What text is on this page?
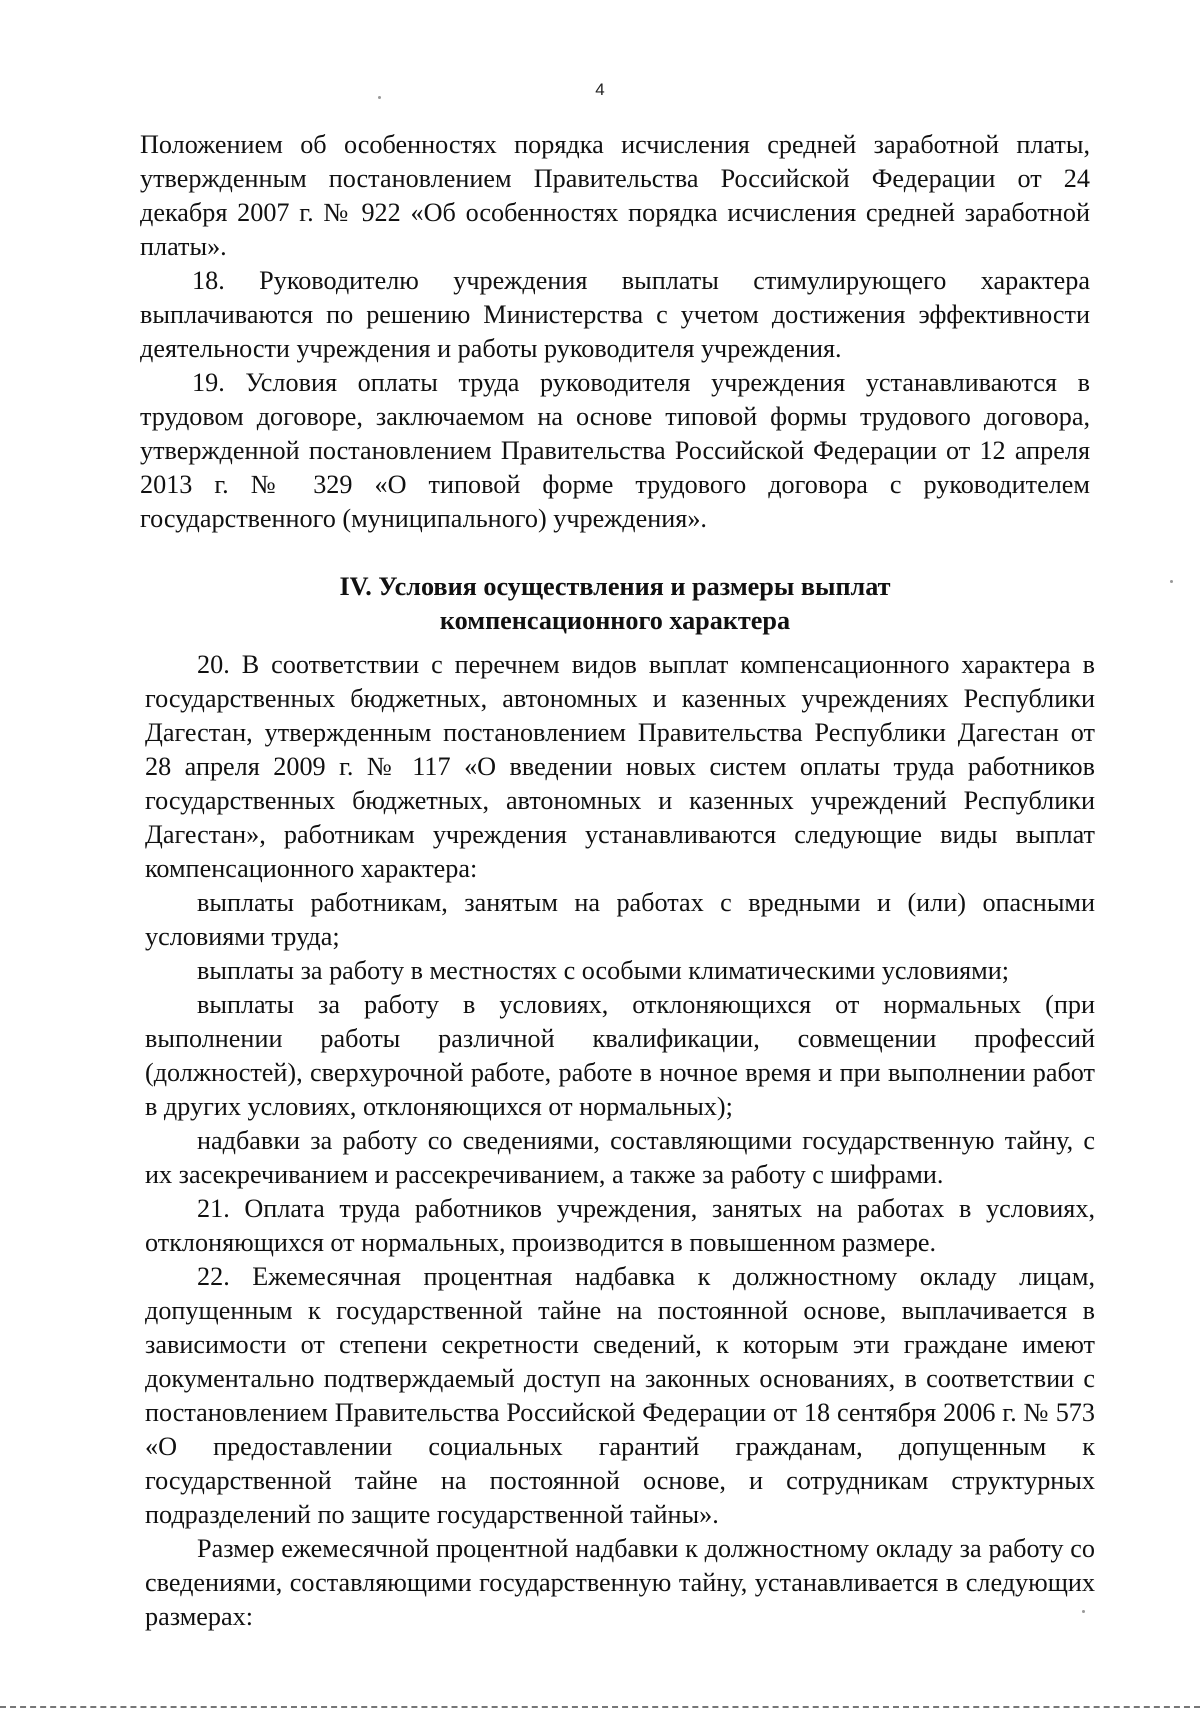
4

Положением об особенностях порядка исчисления средней заработной платы, утвержденным постановлением Правительства Российской Федерации от 24 декабря 2007 г. № 922 «Об особенностях порядка исчисления средней заработной платы».

18. Руководителю учреждения выплаты стимулирующего характера выплачиваются по решению Министерства с учетом достижения эффективности деятельности учреждения и работы руководителя учреждения.

19. Условия оплаты труда руководителя учреждения устанавливаются в трудовом договоре, заключаемом на основе типовой формы трудового договора, утвержденной постановлением Правительства Российской Федерации от 12 апреля 2013 г. № 329 «О типовой форме трудового договора с руководителем государственного (муниципального) учреждения».

IV. Условия осуществления и размеры выплат

компенсационного характера

20. В соответствии с перечнем видов выплат компенсационного характера в государственных бюджетных, автономных и казенных учреждениях Республики Дагестан, утвержденным постановлением Правительства Республики Дагестан от 28 апреля 2009 г. № 117 «О введении новых систем оплаты труда работников государственных бюджетных, автономных и казенных учреждений Республики Дагестан», работникам учреждения устанавливаются следующие виды выплат компенсационного характера:

выплаты работникам, занятым на работах с вредными и (или) опасными условиями труда;

выплаты за работу в местностях с особыми климатическими условиями;

выплаты за работу в условиях, отклоняющихся от нормальных (при выполнении работы различной квалификации, совмещении профессий (должностей), сверхурочной работе, работе в ночное время и при выполнении работ в других условиях, отклоняющихся от нормальных);

надбавки за работу со сведениями, составляющими государственную тайну, с их засекречиванием и рассекречиванием, а также за работу с шифрами.

21. Оплата труда работников учреждения, занятых на работах в условиях, отклоняющихся от нормальных, производится в повышенном размере.

22. Ежемесячная процентная надбавка к должностному окладу лицам, допущенным к государственной тайне на постоянной основе, выплачивается в зависимости от степени секретности сведений, к которым эти граждане имеют документально подтверждаемый доступ на законных основаниях, в соответствии с постановлением Правительства Российской Федерации от 18 сентября 2006 г. № 573 «О предоставлении социальных гарантий гражданам, допущенным к государственной тайне на постоянной основе, и сотрудникам структурных подразделений по защите государственной тайны».

Размер ежемесячной процентной надбавки к должностному окладу за работу со сведениями, составляющими государственную тайну, устанавливается в следующих размерах:
